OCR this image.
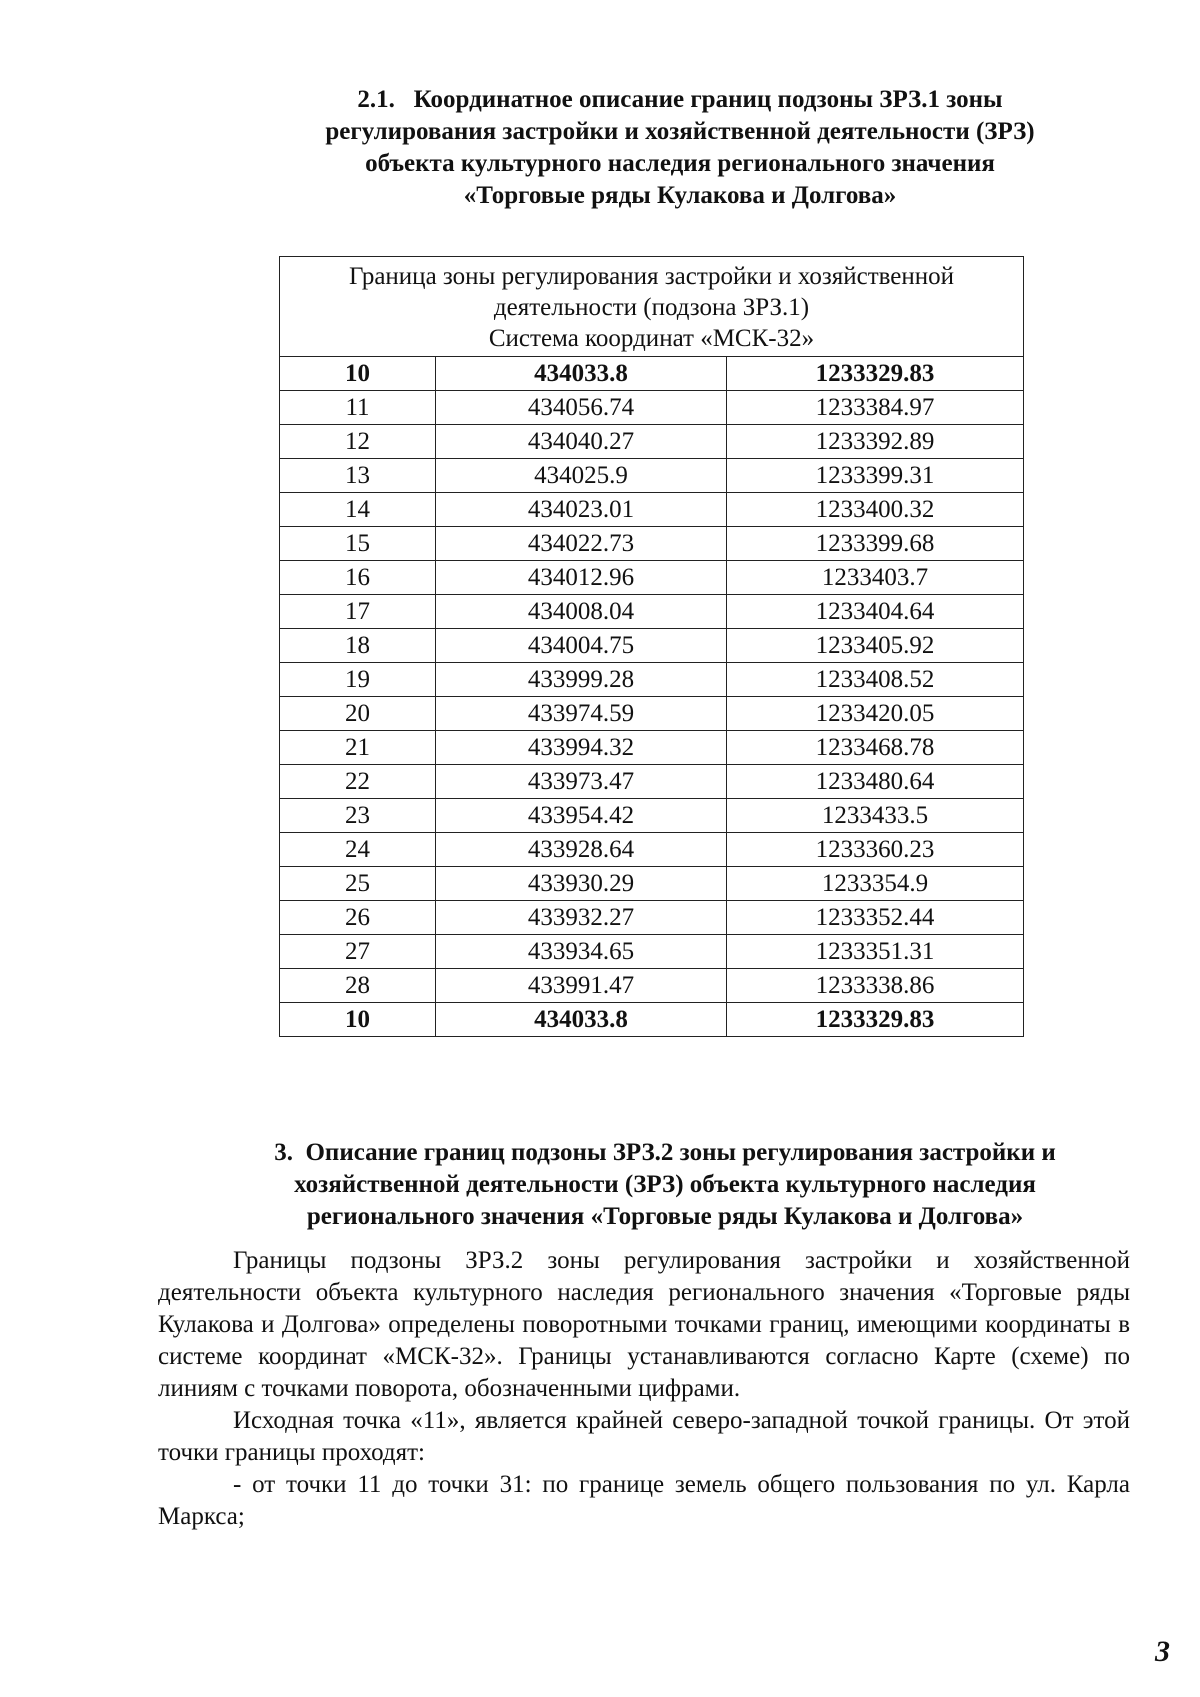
2.1. Координатное описание границ подзоны ЗРЗ.1 зоны

регулирования застройки и хозяйственной деятельности (ЗРЗ)

объекта культурного наследия регионального значения

«Торговые ряды Кулакова и Долгова»

Граница зоны регулирования застройки и хозяйственной
деятельности (подзона ЗРЗ.1)
Система координат «МСК-32»		

10	434033.8	1233329.83
11	434056.74	1233384.97
12	434040.27	1233392.89
13	434025.9	1233399.31
14	434023.01	1233400.32
15	434022.73	1233399.68
16	434012.96	1233403.7
17	434008.04	1233404.64
18	434004.75	1233405.92
19	433999.28	1233408.52
20	433974.59	1233420.05
21	433994.32	1233468.78
22	433973.47	1233480.64
23	433954.42	1233433.5
24	433928.64	1233360.23
25	433930.29	1233354.9
26	433932.27	1233352.44
27	433934.65	1233351.31
28	433991.47	1233338.86
10	434033.8	1233329.83

3. Описание границ подзоны ЗРЗ.2 зоны регулирования застройки и

хозяйственной деятельности (ЗРЗ) объекта культурного наследия

регионального значения «Торговые ряды Кулакова и Долгова»

Границы подзоны ЗРЗ.2 зоны регулирования застройки и хозяйственной деятельности объекта культурного наследия регионального значения «Торговые ряды Кулакова и Долгова» определены поворотными точками границ, имеющими координаты в системе координат «МСК-32». Границы устанавливаются согласно Карте (схеме) по линиям с точками поворота, обозначенными цифрами.

Исходная точка «11», является крайней северо-западной точкой границы. От этой точки границы проходят:

- от точки 11 до точки 31: по границе земель общего пользования по ул. Карла Маркса;

3
